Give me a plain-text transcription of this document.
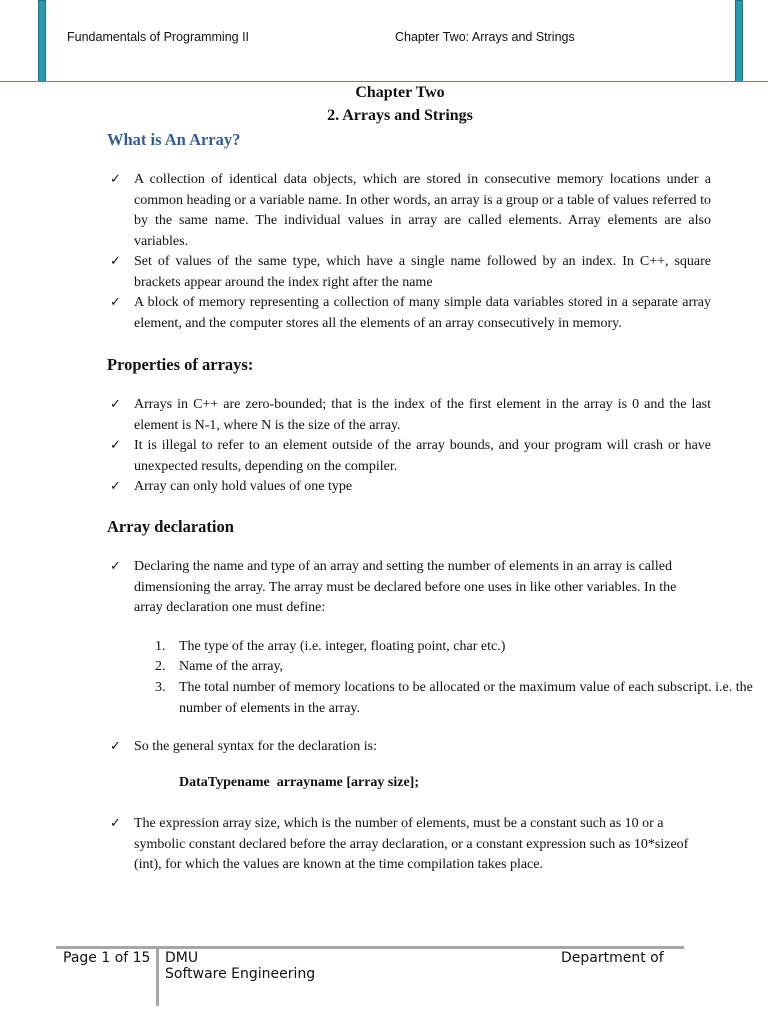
Fundamentals of Programming II	Chapter Two: Arrays and Strings
Chapter Two
2. Arrays and Strings
What is An Array?
✓ A collection of identical data objects, which are stored in consecutive memory locations under a common heading or a variable name. In other words, an array is a group or a table of values referred to by the same name. The individual values in array are called elements. Array elements are also variables.
✓ Set of values of the same type, which have a single name followed by an index. In C++, square brackets appear around the index right after the name
✓ A block of memory representing a collection of many simple data variables stored in a separate array element, and the computer stores all the elements of an array consecutively in memory.
Properties of arrays:
✓ Arrays in C++ are zero-bounded; that is the index of the first element in the array is 0 and the last element is N-1, where N is the size of the array.
✓ It is illegal to refer to an element outside of the array bounds, and your program will crash or have unexpected results, depending on the compiler.
✓ Array can only hold values of one type
Array declaration
✓ Declaring the name and type of an array and setting the number of elements in an array is called dimensioning the array. The array must be declared before one uses in like other variables. In the array declaration one must define:
1. The type of the array (i.e. integer, floating point, char etc.)
2. Name of the array,
3. The total number of memory locations to be allocated or the maximum value of each subscript. i.e. the number of elements in the array.
✓ So the general syntax for the declaration is:
DataTypename  arrayname [array size];
✓ The expression array size, which is the number of elements, must be a constant such as 10 or a symbolic constant declared before the array declaration, or a constant expression such as 10*sizeof (int), for which the values are known at the time compilation takes place.
Page 1 of 15 DMU	Department of
Software Engineering
